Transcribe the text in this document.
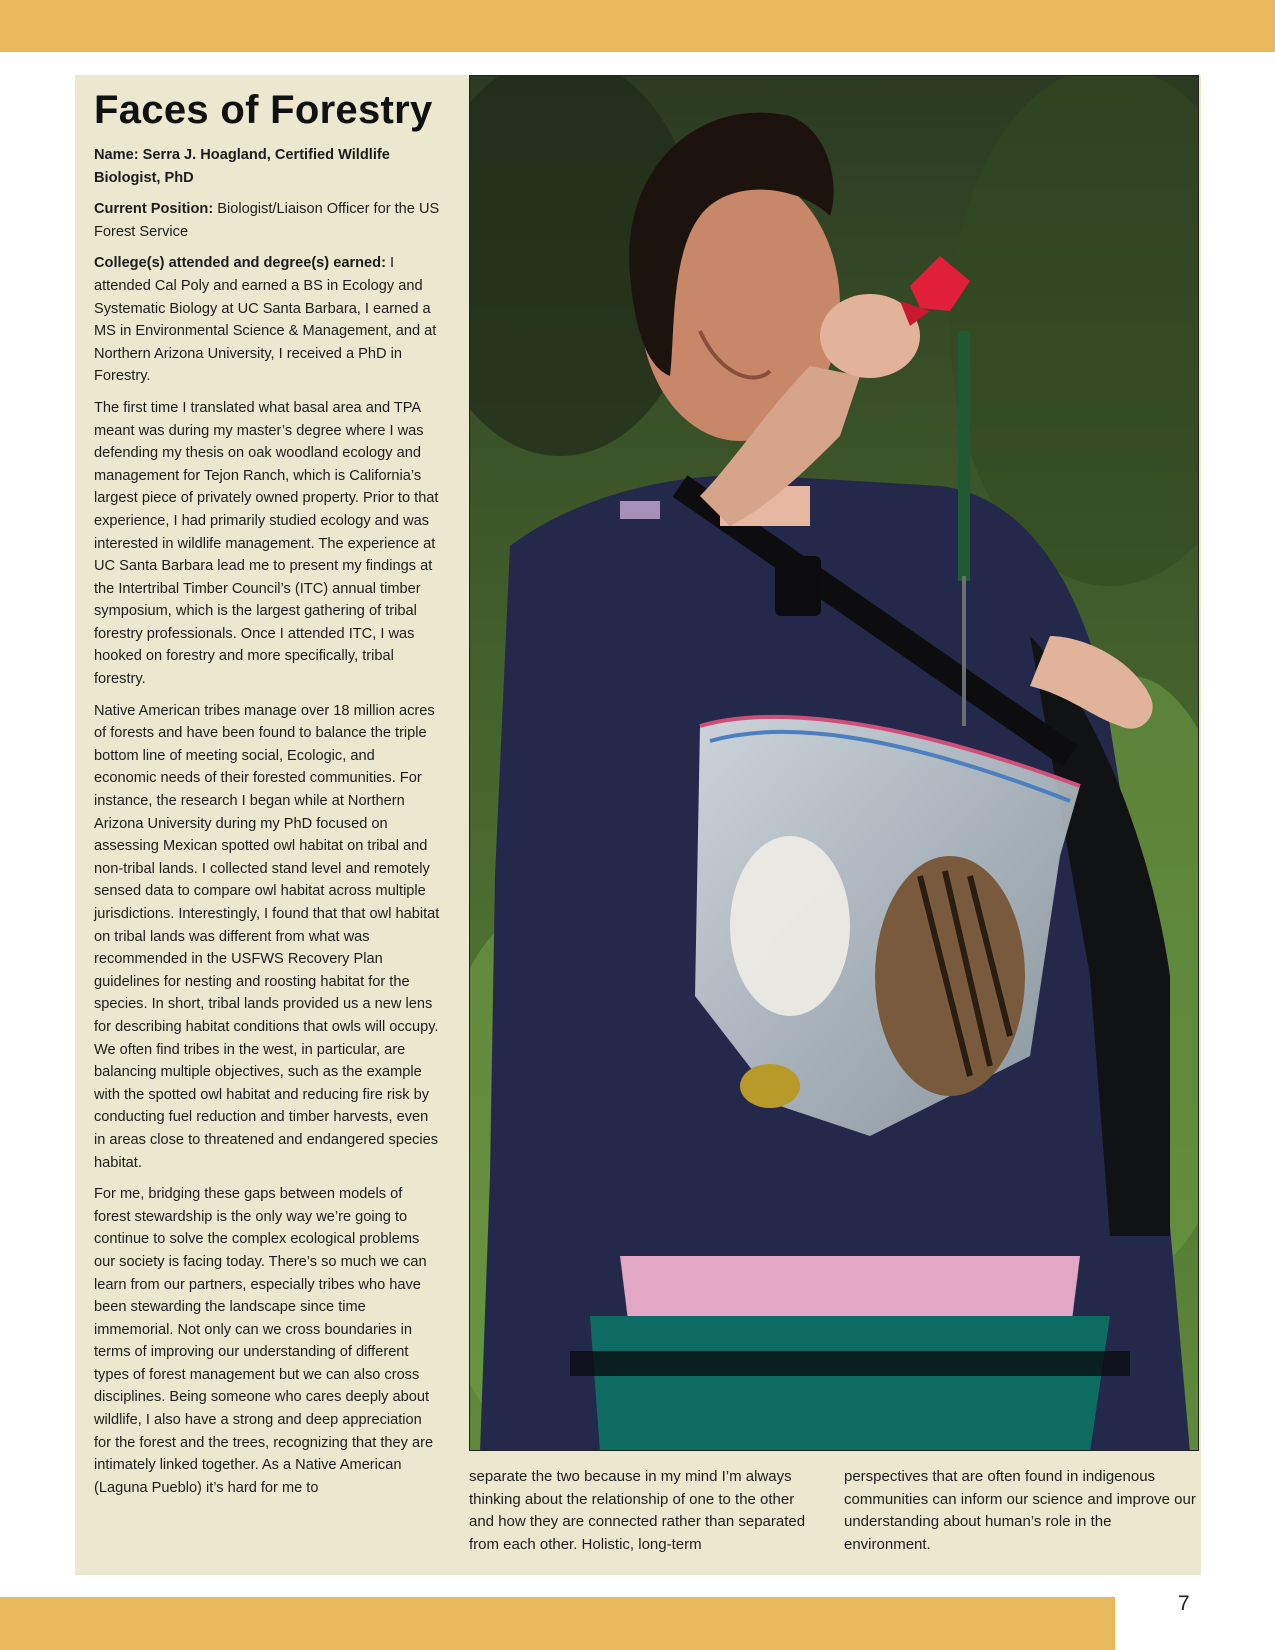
Faces of Forestry

Name: Serra J. Hoagland, Certified Wildlife Biologist, PhD

Current Position: Biologist/Liaison Officer for the US Forest Service

College(s) attended and degree(s) earned: I attended Cal Poly and earned a BS in Ecology and Systematic Biology at UC Santa Barbara, I earned a MS in Environmental Science & Management, and at Northern Arizona University, I received a PhD in Forestry.

The first time I translated what basal area and TPA meant was during my master’s degree where I was defending my thesis on oak woodland ecology and management for Tejon Ranch, which is California’s largest piece of privately owned property. Prior to that experience, I had primarily studied ecology and was interested in wildlife management. The experience at UC Santa Barbara lead me to present my findings at the Intertribal Timber Council’s (ITC) annual timber symposium, which is the largest gathering of tribal forestry professionals. Once I attended ITC, I was hooked on forestry and more specifically, tribal forestry.

Native American tribes manage over 18 million acres of forests and have been found to balance the triple bottom line of meeting social, Ecologic, and economic needs of their forested communities. For instance, the research I began while at Northern Arizona University during my PhD focused on assessing Mexican spotted owl habitat on tribal and non-tribal lands. I collected stand level and remotely sensed data to compare owl habitat across multiple jurisdictions. Interestingly, I found that that owl habitat on tribal lands was different from what was recommended in the USFWS Recovery Plan guidelines for nesting and roosting habitat for the species. In short, tribal lands provided us a new lens for describing habitat conditions that owls will occupy. We often find tribes in the west, in particular, are balancing multiple objectives, such as the example with the spotted owl habitat and reducing fire risk by conducting fuel reduction and timber harvests, even in areas close to threatened and endangered species habitat.

For me, bridging these gaps between models of forest stewardship is the only way we’re going to continue to solve the complex ecological problems our society is facing today. There’s so much we can learn from our partners, especially tribes who have been stewarding the landscape since time immemorial. Not only can we cross boundaries in terms of improving our understanding of different types of forest management but we can also cross disciplines. Being someone who cares deeply about wildlife, I also have a strong and deep appreciation for the forest and the trees, recognizing that they are intimately linked together. As a Native American (Laguna Pueblo) it’s hard for me to

separate the two because in my mind I’m always thinking about the relationship of one to the other and how they are connected rather than separated from each other. Holistic, long-term
perspectives that are often found in indigenous communities can inform our science and improve our understanding about human’s role in the environment.
7
